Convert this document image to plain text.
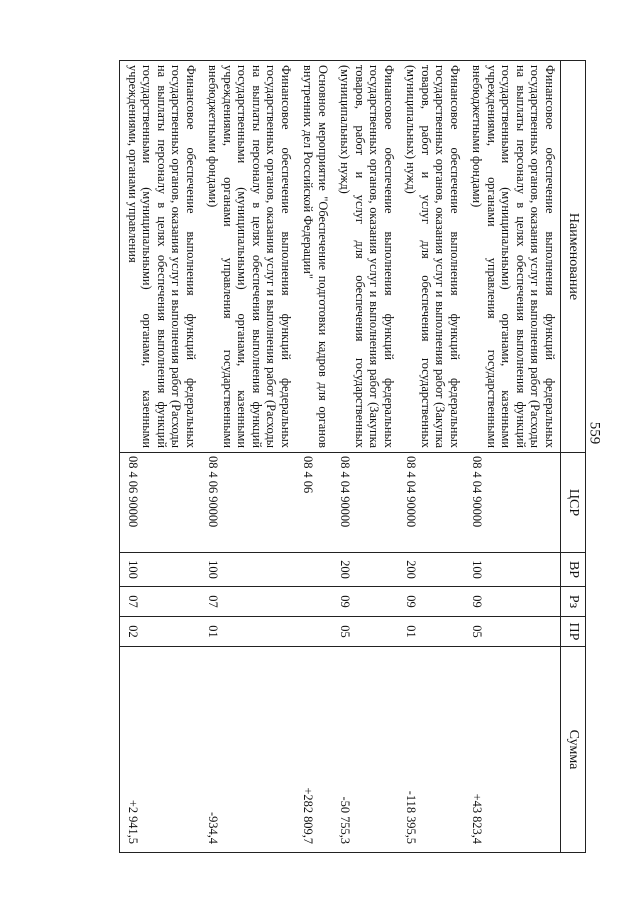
559
Наименование	ЦСР	ВР	Рз	ПР	Сумма
Финансовое обеспечение выполнения функций федеральных государственных органов, оказания услуг и выполнения работ (Расходы на выплаты персоналу в целях обеспечения выполнения функций государственными (муниципальными) органами, казенными учреждениями, органами управления государственными внебюджетными фондами)	08 4 04 90000	100	09	05	+43 823,4
Финансовое обеспечение выполнения функций федеральных государственных органов, оказания услуг и выполнения работ (Закупка товаров, работ и услуг для обеспечения государственных (муниципальных) нужд)	08 4 04 90000	200	09	01	-118 395,5
Финансовое обеспечение выполнения функций федеральных государственных органов, оказания услуг и выполнения работ (Закупка товаров, работ и услуг для обеспечения государственных (муниципальных) нужд)	08 4 04 90000	200	09	05	-50 755,3
Основное мероприятие "Обеспечение подготовки кадров для органов внутренних дел Российской Федерации"	08 4 06				+282 809,7
Финансовое обеспечение выполнения функций федеральных государственных органов, оказания услуг и выполнения работ (Расходы на выплаты персоналу в целях обеспечения выполнения функций государственными (муниципальными) органами, казенными учреждениями, органами управления государственными внебюджетными фондами)	08 4 06 90000	100	07	01	-934,4
Финансовое обеспечение выполнения функций федеральных государственных органов, оказания услуг и выполнения работ (Расходы на выплаты персоналу в целях обеспечения выполнения функций государственными (муниципальными) органами, казенными учреждениями, органами управления	08 4 06 90000	100	07	02	+2 941,5
